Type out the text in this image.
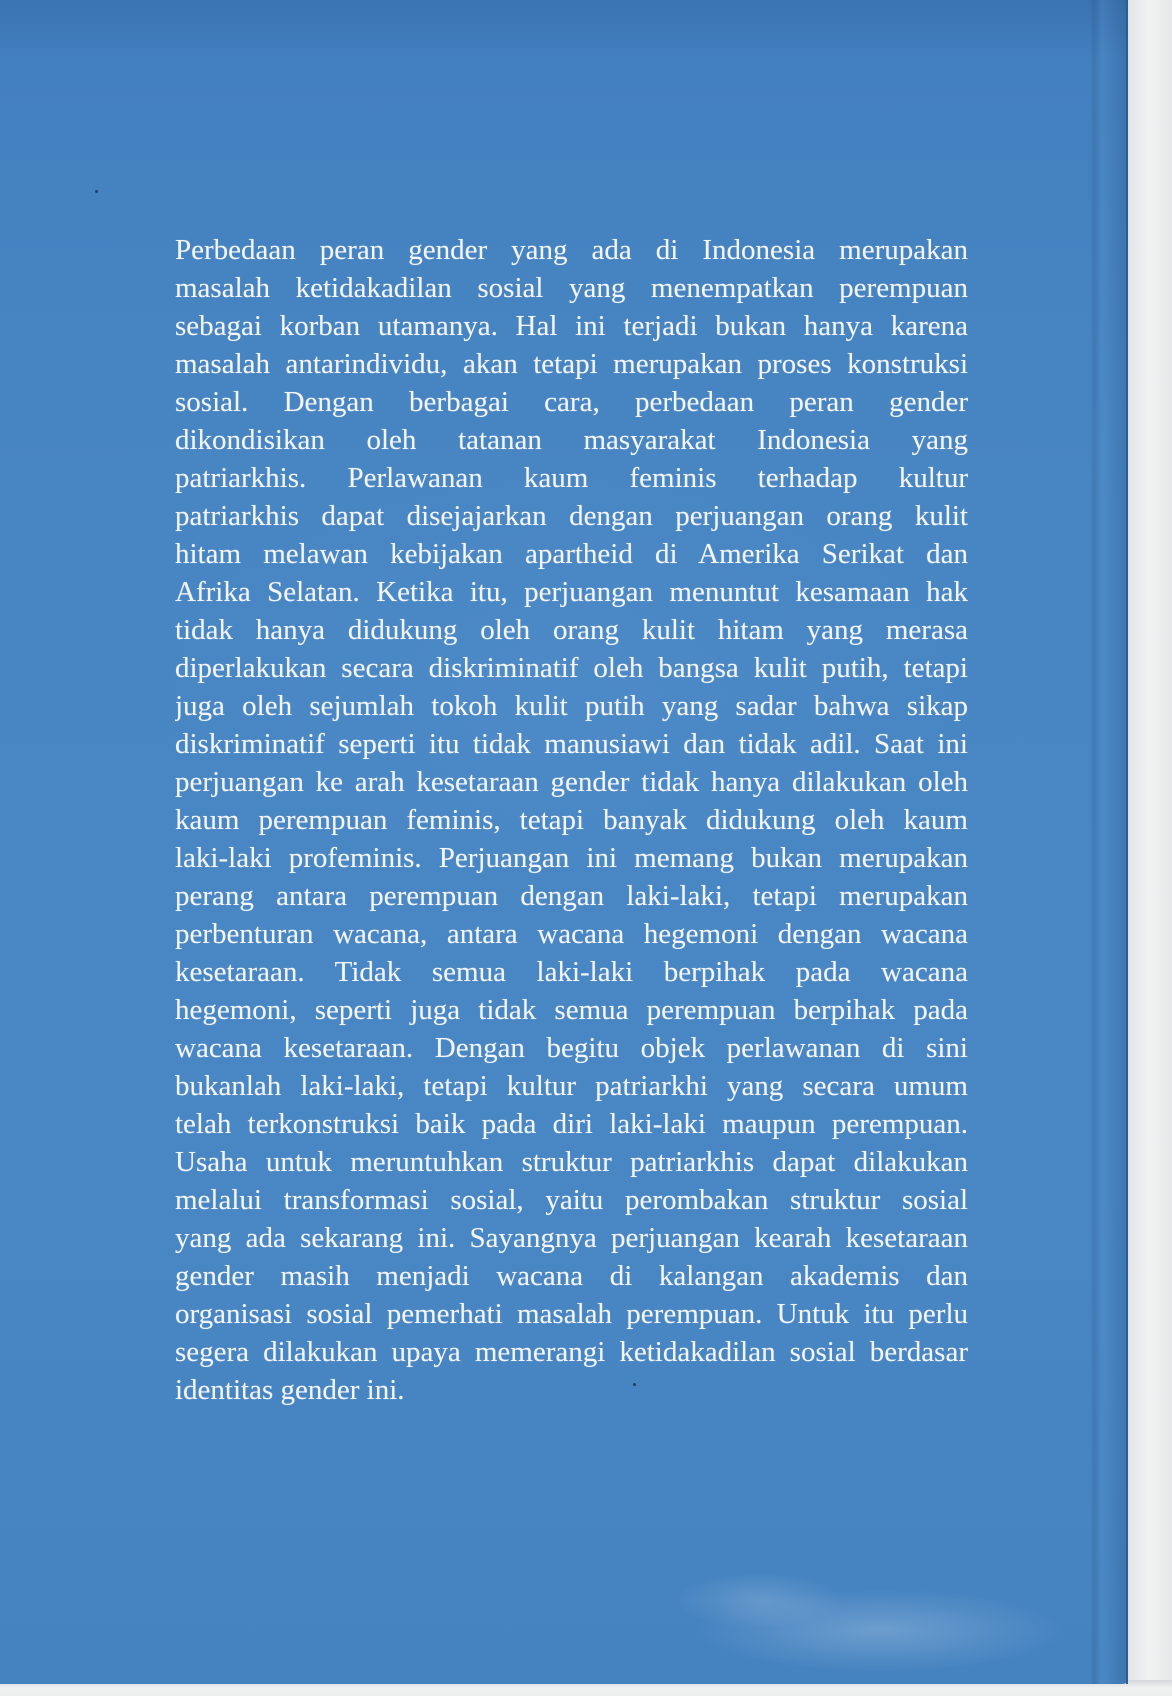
Perbedaan peran gender yang ada di Indonesia merupakan
masalah ketidakadilan sosial yang menempatkan perempuan
sebagai korban utamanya. Hal ini terjadi bukan hanya karena
masalah antarindividu, akan tetapi merupakan proses konstruksi
sosial. Dengan berbagai cara, perbedaan peran gender
dikondisikan oleh tatanan masyarakat Indonesia yang
patriarkhis. Perlawanan kaum feminis terhadap kultur
patriarkhis dapat disejajarkan dengan perjuangan orang kulit
hitam melawan kebijakan apartheid di Amerika Serikat dan
Afrika Selatan. Ketika itu, perjuangan menuntut kesamaan hak
tidak hanya didukung oleh orang kulit hitam yang merasa
diperlakukan secara diskriminatif oleh bangsa kulit putih, tetapi
juga oleh sejumlah tokoh kulit putih yang sadar bahwa sikap
diskriminatif seperti itu tidak manusiawi dan tidak adil. Saat ini
perjuangan ke arah kesetaraan gender tidak hanya dilakukan oleh
kaum perempuan feminis, tetapi banyak didukung oleh kaum
laki-laki profeminis. Perjuangan ini memang bukan merupakan
perang antara perempuan dengan laki-laki, tetapi merupakan
perbenturan wacana, antara wacana hegemoni dengan wacana
kesetaraan. Tidak semua laki-laki berpihak pada wacana
hegemoni, seperti juga tidak semua perempuan berpihak pada
wacana kesetaraan. Dengan begitu objek perlawanan di sini
bukanlah laki-laki, tetapi kultur patriarkhi yang secara umum
telah terkonstruksi baik pada diri laki-laki maupun perempuan.
Usaha untuk meruntuhkan struktur patriarkhis dapat dilakukan
melalui transformasi sosial, yaitu perombakan struktur sosial
yang ada sekarang ini. Sayangnya perjuangan kearah kesetaraan
gender masih menjadi wacana di kalangan akademis dan
organisasi sosial pemerhati masalah perempuan. Untuk itu perlu
segera dilakukan upaya memerangi ketidakadilan sosial berdasar
identitas gender ini.
